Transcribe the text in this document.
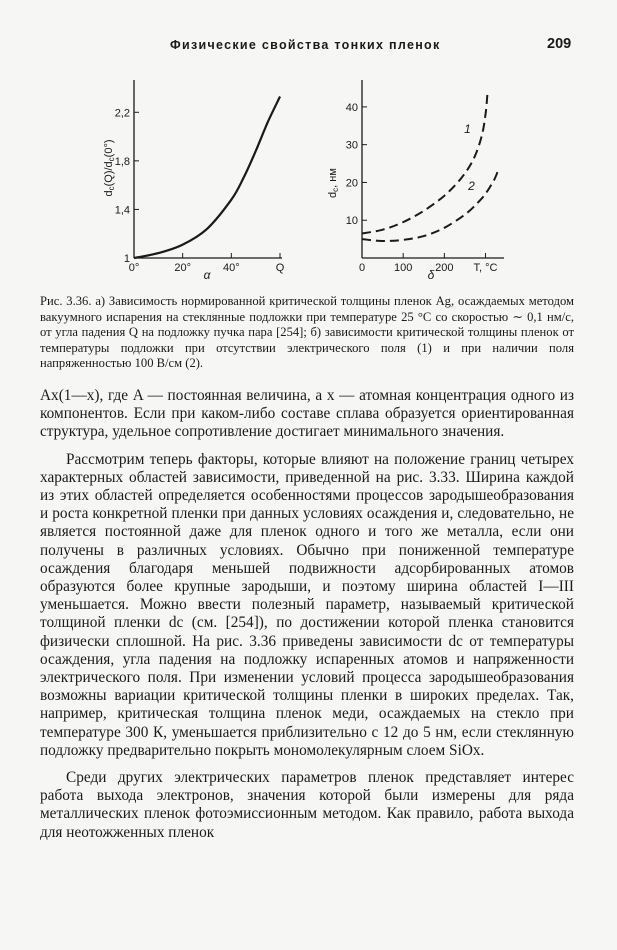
Физические свойства тонких пленок	209
1
1,4
1,8
2,2
0°	20°	40°	Q
dc(Q)/dc(0°)
α
10
20
30
40
0	100 200 T, °C
1
2
dc, нм
δ
Рис. 3.36. а) Зависимость нормированной критической толщины пленок Ag, осаждаемых методом вакуумного испарения на стеклянные подложки при температуре 25 °C со скоростью ∼ 0,1 нм/с, от угла падения Q на подложку пучка пара [254]; б) зависимости критической толщины пленок от температуры подложки при отсутствии электрического поля (1) и при наличии поля напряженностью 100 В/см (2).

Ax(1—x), где A — постоянная величина, а x — атомная концентрация одного из компонентов. Если при каком-либо составе сплава образуется ориентированная структура, удельное сопротивление достигает минимального значения.

Рассмотрим теперь факторы, которые влияют на положение границ четырех характерных областей зависимости, приведенной на рис. 3.33. Ширина каждой из этих областей определяется особенностями процессов зародышеобразования и роста конкретной пленки при данных условиях осаждения и, следовательно, не является постоянной даже для пленок одного и того же металла, если они получены в различных условиях. Обычно при пониженной температуре осаждения благодаря меньшей подвижности адсорбированных атомов образуются более крупные зародыши, и поэтому ширина областей I—III уменьшается. Можно ввести полезный параметр, называемый критической толщиной пленки dc (см. [254]), по достижении которой пленка становится физически сплошной. На рис. 3.36 приведены зависимости dc от температуры осаждения, угла падения на подложку испаренных атомов и напряженности электрического поля. При изменении условий процесса зародышеобразования возможны вариации критической толщины пленки в широких пределах. Так, например, критическая толщина пленок меди, осаждаемых на стекло при температуре 300 К, уменьшается приблизительно с 12 до 5 нм, если стеклянную подложку предварительно покрыть мономолекулярным слоем SiOx.

Среди других электрических параметров пленок представляет интерес работа выхода электронов, значения которой были измерены для ряда металлических пленок фотоэмиссионным методом. Как правило, работа выхода для неотожженных пленок
